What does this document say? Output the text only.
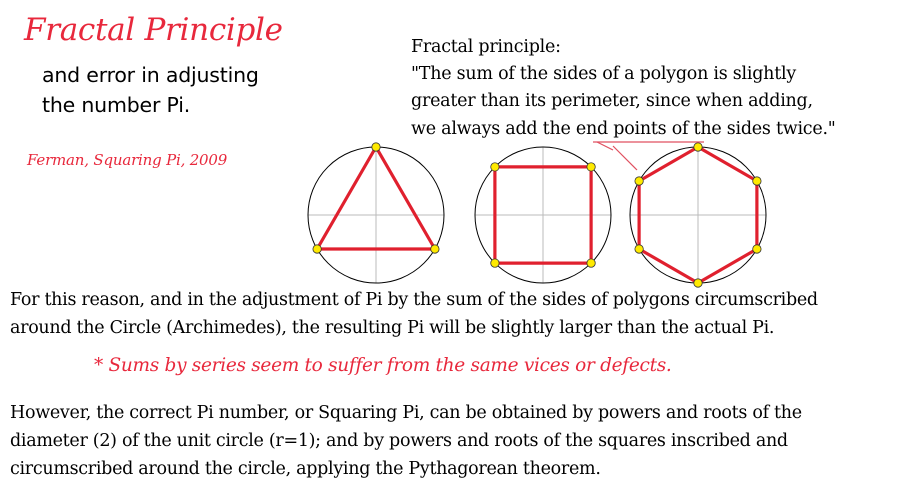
Fractal Principle

and error in adjusting

the number Pi.

Ferman, Squaring Pi, 2009

Fractal principle:

"The sum of the sides of a polygon is slightly

greater than its perimeter, since when adding,

we always add the end points of the sides twice."

For this reason, and in the adjustment of Pi by the sum of the sides of polygons circumscribed

around the Circle (Archimedes), the resulting Pi will be slightly larger than the actual Pi.

* Sums by series seem to suffer from the same vices or defects.

However, the correct Pi number, or Squaring Pi, can be obtained by powers and roots of the

diameter (2) of the unit circle (r=1); and by powers and roots of the squares inscribed and

circumscribed around the circle, applying the Pythagorean theorem.
